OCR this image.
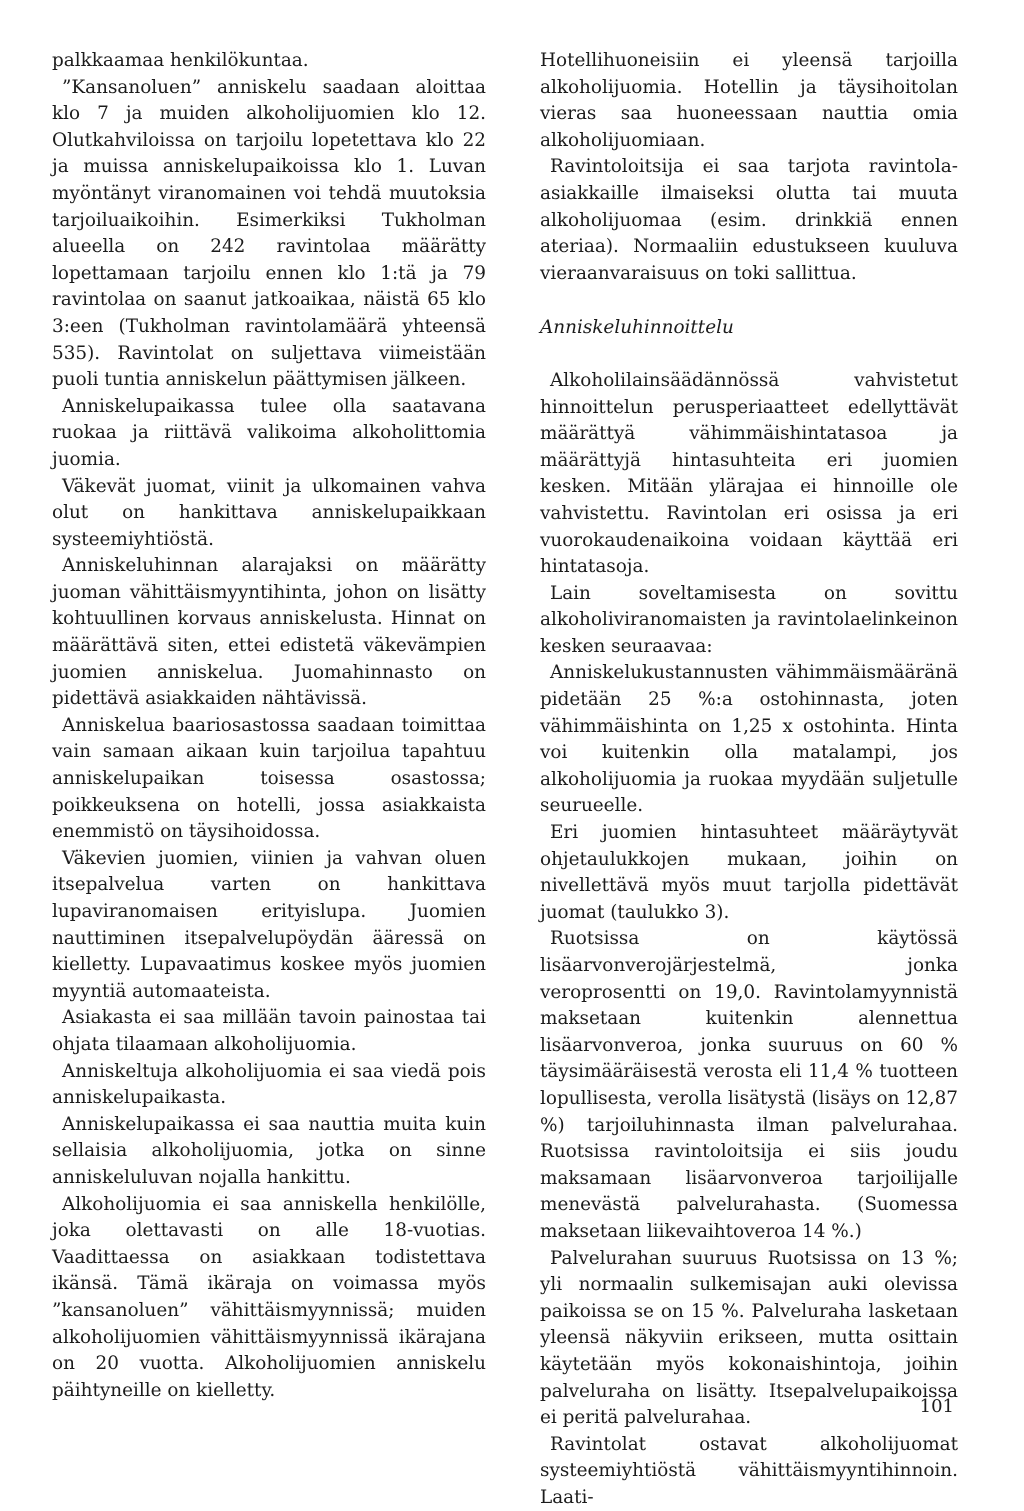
palkkaamaa henkilökuntaa.

”Kansanoluen” anniskelu saadaan aloittaa klo 7 ja muiden alkoholijuomien klo 12. Olutkahviloissa on tarjoilu lopetettava klo 22 ja muissa anniskelupaikoissa klo 1. Luvan myöntänyt viranomainen voi tehdä muutoksia tarjoiluaikoihin. Esimerkiksi Tukholman alueella on 242 ravintolaa määrätty lopettamaan tarjoilu ennen klo 1:tä ja 79 ravintolaa on saanut jatkoaikaa, näistä 65 klo 3:een (Tukholman ravintolamäärä yhteensä 535). Ravintolat on suljettava viimeistään puoli tuntia anniskelun päättymisen jälkeen.

Anniskelupaikassa tulee olla saatavana ruokaa ja riittävä valikoima alkoholittomia juomia.

Väkevät juomat, viinit ja ulkomainen vahva olut on hankittava anniskelupaikkaan systeemiyhtiöstä.

Anniskeluhinnan alarajaksi on määrätty juoman vähittäismyyntihinta, johon on lisätty kohtuullinen korvaus anniskelusta. Hinnat on määrättävä siten, ettei edistetä väkevämpien juomien anniskelua. Juomahinnasto on pidettävä asiakkaiden nähtävissä.

Anniskelua baariosastossa saadaan toimittaa vain samaan aikaan kuin tarjoilua tapahtuu anniskelupaikan toisessa osastossa; poikkeuksena on hotelli, jossa asiakkaista enemmistö on täysihoidossa.

Väkevien juomien, viinien ja vahvan oluen itsepalvelua varten on hankittava lupaviranomaisen erityislupa. Juomien nauttiminen itsepalvelupöydän ääressä on kielletty. Lupavaatimus koskee myös juomien myyntiä automaateista.

Asiakasta ei saa millään tavoin painostaa tai ohjata tilaamaan alkoholijuomia.

Anniskeltuja alkoholijuomia ei saa viedä pois anniskelupaikasta.

Anniskelupaikassa ei saa nauttia muita kuin sellaisia alkoholijuomia, jotka on sinne anniskeluluvan nojalla hankittu.

Alkoholijuomia ei saa anniskella henkilölle, joka olettavasti on alle 18-vuotias. Vaadittaessa on asiakkaan todistettava ikänsä. Tämä ikäraja on voimassa myös ”kansanoluen” vähittäismyynnissä; muiden alkoholijuomien vähittäismyynnissä ikärajana on 20 vuotta. Alkoholijuomien anniskelu päihtyneille on kielletty.

Hotellihuoneisiin ei yleensä tarjoilla alkoholijuomia. Hotellin ja täysihoitolan vieras saa huoneessaan nauttia omia alkoholijuomiaan.

Ravintoloitsija ei saa tarjota ravintola-asiakkaille ilmaiseksi olutta tai muuta alkoholijuomaa (esim. drinkkiä ennen ateriaa). Normaaliin edustukseen kuuluva vieraanvaraisuus on toki sallittua.

Anniskeluhinnoittelu

Alkoholilainsäädännössä vahvistetut hinnoittelun perusperiaatteet edellyttävät määrättyä vähimmäishintatasoa ja määrättyjä hintasuhteita eri juomien kesken. Mitään ylärajaa ei hinnoille ole vahvistettu. Ravintolan eri osissa ja eri vuorokaudenaikoina voidaan käyttää eri hintatasoja.

Lain soveltamisesta on sovittu alkoholiviranomaisten ja ravintolaelinkeinon kesken seuraavaa:

Anniskelukustannusten vähimmäismääränä pidetään 25 %:a ostohinnasta, joten vähimmäishinta on 1,25 x ostohinta. Hinta voi kuitenkin olla matalampi, jos alkoholijuomia ja ruokaa myydään suljetulle seurueelle.

Eri juomien hintasuhteet määräytyvät ohjetaulukkojen mukaan, joihin on nivellettävä myös muut tarjolla pidettävät juomat (taulukko 3).

Ruotsissa on käytössä lisäarvonverojärjestelmä, jonka veroprosentti on 19,0. Ravintolamyynnistä maksetaan kuitenkin alennettua lisäarvonveroa, jonka suuruus on 60 % täysimääräisestä verosta eli 11,4 % tuotteen lopullisesta, verolla lisätystä (lisäys on 12,87 %) tarjoiluhinnasta ilman palvelurahaa. Ruotsissa ravintoloitsija ei siis joudu maksamaan lisäarvonveroa tarjoilijalle menevästä palvelurahasta. (Suomessa maksetaan liikevaihtoveroa 14 %.)

Palvelurahan suuruus Ruotsissa on 13 %; yli normaalin sulkemisajan auki olevissa paikoissa se on 15 %. Palveluraha lasketaan yleensä näkyviin erikseen, mutta osittain käytetään myös kokonaishintoja, joihin palveluraha on lisätty. Itsepalvelupaikoissa ei peritä palvelurahaa.

Ravintolat ostavat alkoholijuomat systeemiyhtiöstä vähittäismyyntihinnoin. Laati-

101
